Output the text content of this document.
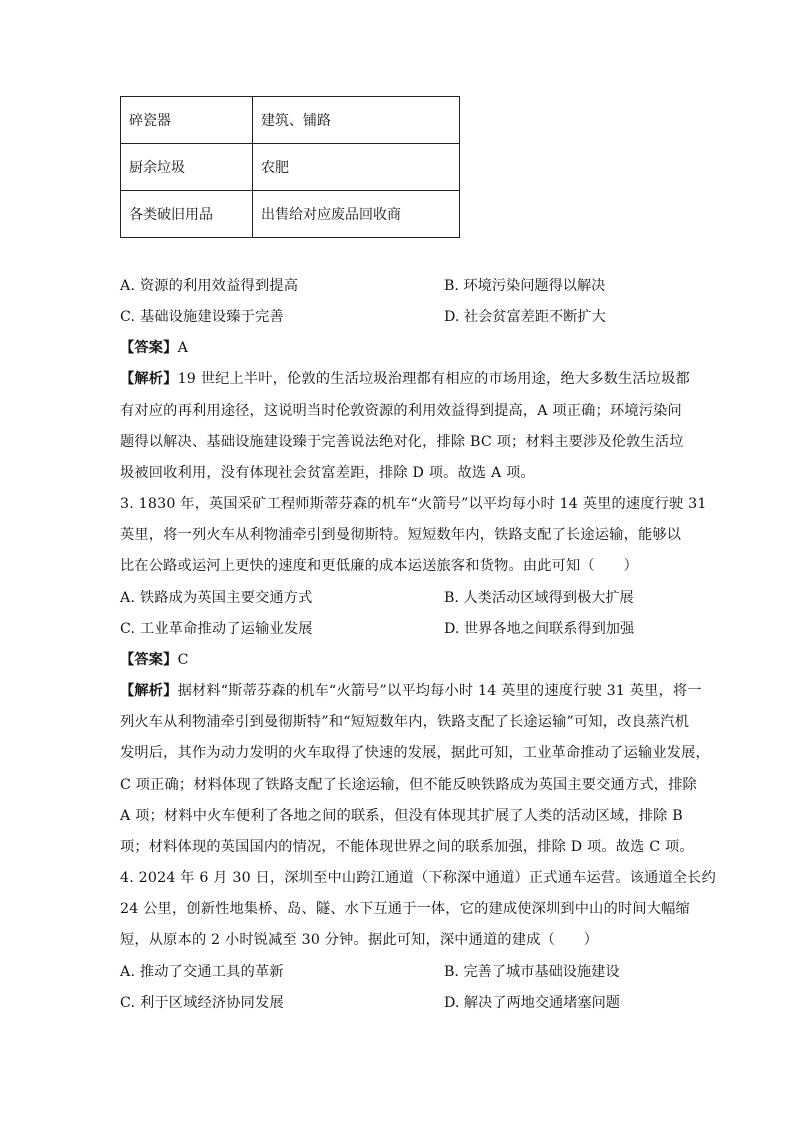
碎瓷器	建筑、铺路
厨余垃圾	农肥
各类破旧用品	出售给对应废品回收商
A. 资源的利用效益得到提高	B. 环境污染问题得以解决
C. 基础设施建设臻于完善	D. 社会贫富差距不断扩大
【答案】A
【解析】19 世纪上半叶，伦敦的生活垃圾治理都有相应的市场用途，绝大多数生活垃圾都
有对应的再利用途径，这说明当时伦敦资源的利用效益得到提高，A 项正确；环境污染问
题得以解决、基础设施建设臻于完善说法绝对化，排除 BC 项；材料主要涉及伦敦生活垃
圾被回收利用，没有体现社会贫富差距，排除 D 项。故选 A 项。
3. 1830 年，英国采矿工程师斯蒂芬森的机车“火箭号”以平均每小时 14 英里的速度行驶 31
英里，将一列火车从利物浦牵引到曼彻斯特。短短数年内，铁路支配了长途运输，能够以
比在公路或运河上更快的速度和更低廉的成本运送旅客和货物。由此可知（　　）
A. 铁路成为英国主要交通方式	B. 人类活动区域得到极大扩展
C. 工业革命推动了运输业发展	D. 世界各地之间联系得到加强
【答案】C
【解析】据材料“斯蒂芬森的机车“火箭号”以平均每小时 14 英里的速度行驶 31 英里，将一
列火车从利物浦牵引到曼彻斯特”和“短短数年内，铁路支配了长途运输”可知，改良蒸汽机
发明后，其作为动力发明的火车取得了快速的发展，据此可知，工业革命推动了运输业发展，
C 项正确；材料体现了铁路支配了长途运输，但不能反映铁路成为英国主要交通方式，排除
A 项；材料中火车便利了各地之间的联系，但没有体现其扩展了人类的活动区域，排除 B
项；材料体现的英国国内的情况，不能体现世界之间的联系加强，排除 D 项。故选 C 项。
4. 2024 年 6 月 30 日，深圳至中山跨江通道（下称深中通道）正式通车运营。该通道全长约
24 公里，创新性地集桥、岛、隧、水下互通于一体，它的建成使深圳到中山的时间大幅缩
短，从原本的 2 小时锐减至 30 分钟。据此可知，深中通道的建成（　　）
A. 推动了交通工具的革新	B. 完善了城市基础设施建设
C. 利于区域经济协同发展	D. 解决了两地交通堵塞问题
